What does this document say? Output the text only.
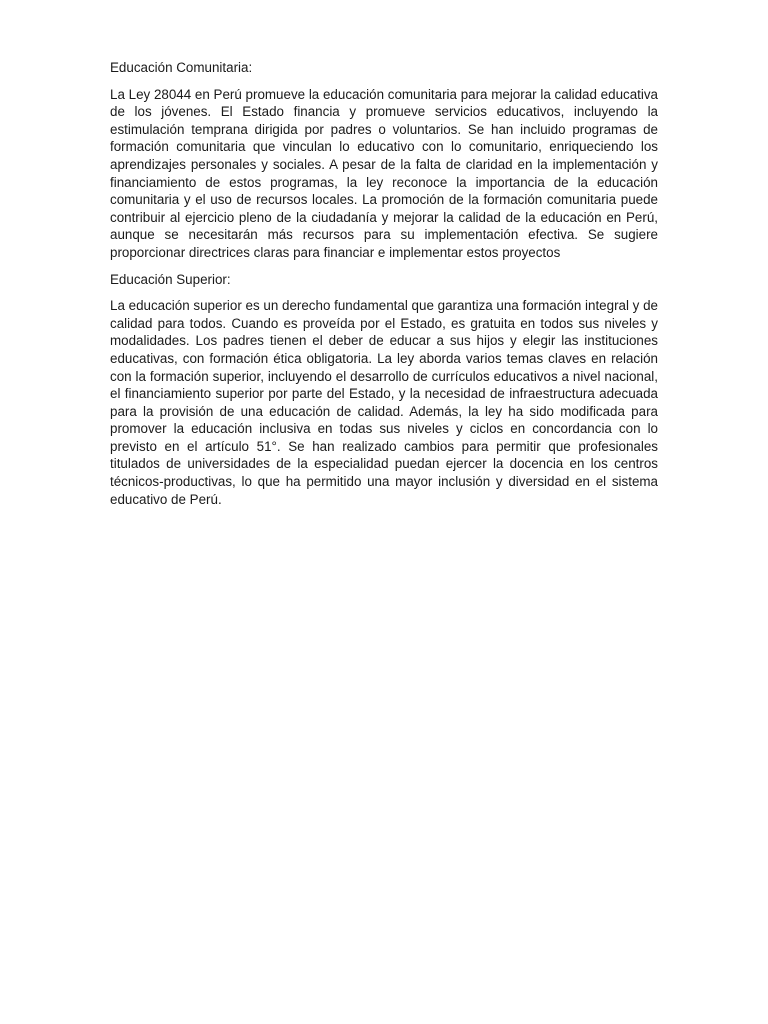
Educación Comunitaria:

La Ley 28044 en Perú promueve la educación comunitaria para mejorar la calidad educativa de los jóvenes. El Estado financia y promueve servicios educativos, incluyendo la estimulación temprana dirigida por padres o voluntarios. Se han incluido programas de formación comunitaria que vinculan lo educativo con lo comunitario, enriqueciendo los aprendizajes personales y sociales. A pesar de la falta de claridad en la implementación y financiamiento de estos programas, la ley reconoce la importancia de la educación comunitaria y el uso de recursos locales. La promoción de la formación comunitaria puede contribuir al ejercicio pleno de la ciudadanía y mejorar la calidad de la educación en Perú, aunque se necesitarán más recursos para su implementación efectiva. Se sugiere proporcionar directrices claras para financiar e implementar estos proyectos

Educación Superior:

La educación superior es un derecho fundamental que garantiza una formación integral y de calidad para todos. Cuando es proveída por el Estado, es gratuita en todos sus niveles y modalidades. Los padres tienen el deber de educar a sus hijos y elegir las instituciones educativas, con formación ética obligatoria. La ley aborda varios temas claves en relación con la formación superior, incluyendo el desarrollo de currículos educativos a nivel nacional, el financiamiento superior por parte del Estado, y la necesidad de infraestructura adecuada para la provisión de una educación de calidad. Además, la ley ha sido modificada para promover la educación inclusiva en todas sus niveles y ciclos en concordancia con lo previsto en el artículo 51°. Se han realizado cambios para permitir que profesionales titulados de universidades de la especialidad puedan ejercer la docencia en los centros técnicos-productivas, lo que ha permitido una mayor inclusión y diversidad en el sistema educativo de Perú.
